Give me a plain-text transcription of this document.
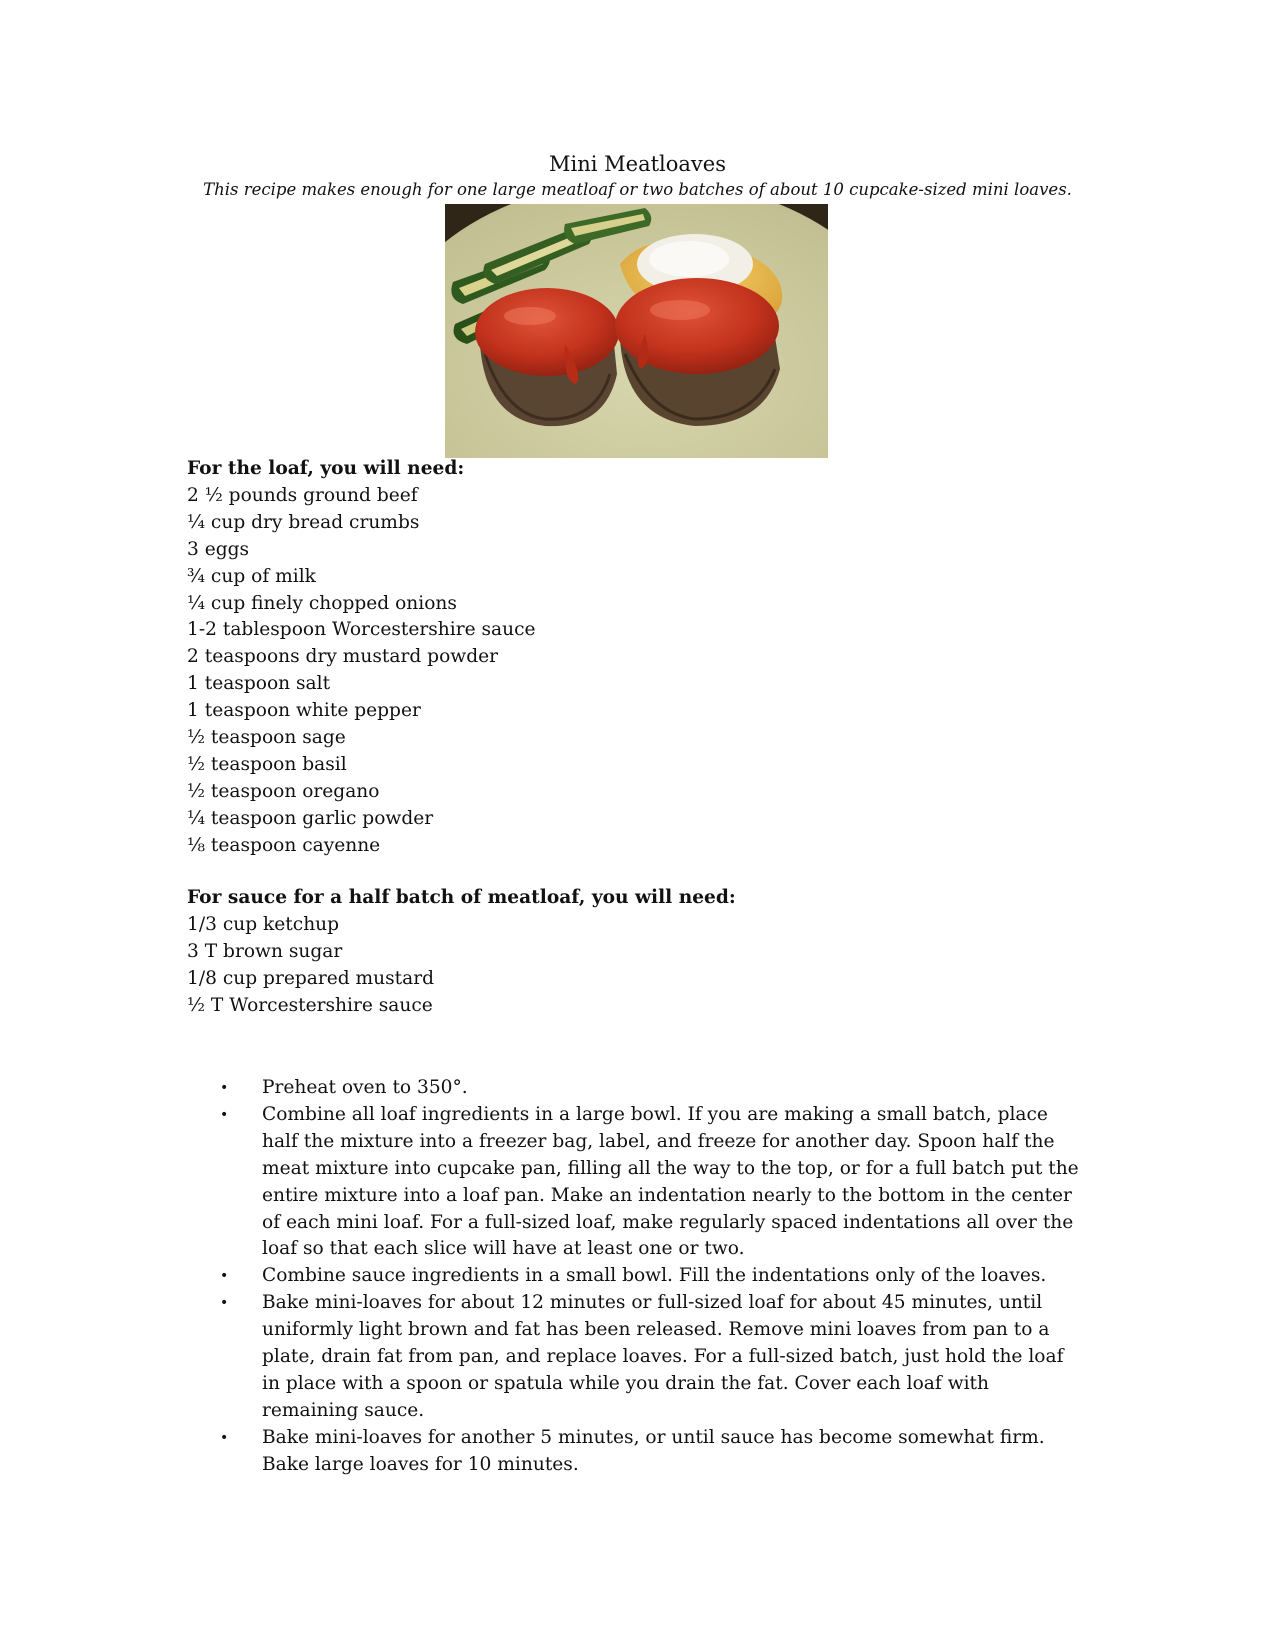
Mini Meatloaves

This recipe makes enough for one large meatloaf or two batches of about 10 cupcake-sized mini loaves.

For the loaf, you will need:
2 ½ pounds ground beef
¼ cup dry bread crumbs
3 eggs
¾ cup of milk
¼ cup finely chopped onions
1-2 tablespoon Worcestershire sauce
2 teaspoons dry mustard powder
1 teaspoon salt
1 teaspoon white pepper
½ teaspoon sage
½ teaspoon basil
½ teaspoon oregano
¼ teaspoon garlic powder
⅛ teaspoon cayenne
For sauce for a half batch of meatloaf, you will need:
1/3 cup ketchup
3 T brown sugar
1/8 cup prepared mustard
½ T Worcestershire sauce
• Preheat oven to 350°.
• Combine all loaf ingredients in a large bowl. If you are making a small batch, place half the mixture into a freezer bag, label, and freeze for another day. Spoon half the meat mixture into cupcake pan, filling all the way to the top, or for a full batch put the entire mixture into a loaf pan. Make an indentation nearly to the bottom in the center of each mini loaf. For a full-sized loaf, make regularly spaced indentations all over the loaf so that each slice will have at least one or two.
• Combine sauce ingredients in a small bowl. Fill the indentations only of the loaves.
• Bake mini-loaves for about 12 minutes or full-sized loaf for about 45 minutes, until uniformly light brown and fat has been released. Remove mini loaves from pan to a plate, drain fat from pan, and replace loaves. For a full-sized batch, just hold the loaf in place with a spoon or spatula while you drain the fat. Cover each loaf with remaining sauce.
• Bake mini-loaves for another 5 minutes, or until sauce has become somewhat firm. Bake large loaves for 10 minutes.
